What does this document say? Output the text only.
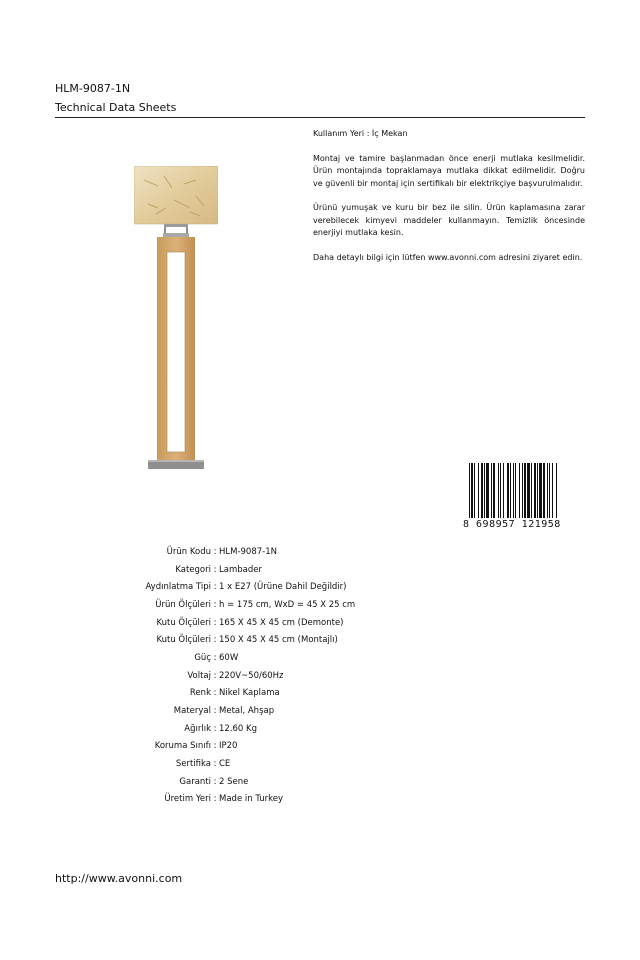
HLM-9087-1N

Technical Data Sheets

Kullanım Yeri : İç Mekan

Montaj ve tamire başlanmadan önce enerji mutlaka kesilmelidir. Ürün montajında topraklamaya mutlaka dikkat edilmelidir. Doğru ve güvenli bir montaj için sertifikalı bir elektrikçiye başvurulmalıdır.

Ürünü yumuşak ve kuru bir bez ile silin. Ürün kaplamasına zarar verebilecek kimyevi maddeler kullanmayın. Temizlik öncesinde enerjiyi mutlaka kesin.

Daha detaylı bilgi için lütfen www.avonni.com adresini ziyaret edin.

8 698957 121958
Ürün Kodu : HLM-9087-1N
Kategori : Lambader
Aydınlatma Tipi : 1 x E27 (Ürüne Dahil Değildir)
Ürün Ölçüleri : h = 175 cm, WxD = 45 X 25 cm
Kutu Ölçüleri : 165 X 45 X 45 cm (Demonte)
Kutu Ölçüleri : 150 X 45 X 45 cm (Montajlı)
Güç : 60W
Voltaj : 220V~50/60Hz
Renk : Nikel Kaplama
Materyal : Metal, Ahşap
Ağırlık : 12.60 Kg
Koruma Sınıfı : IP20
Sertifika : CE
Garanti : 2 Sene
Üretim Yeri : Made in Turkey
http://www.avonni.com
